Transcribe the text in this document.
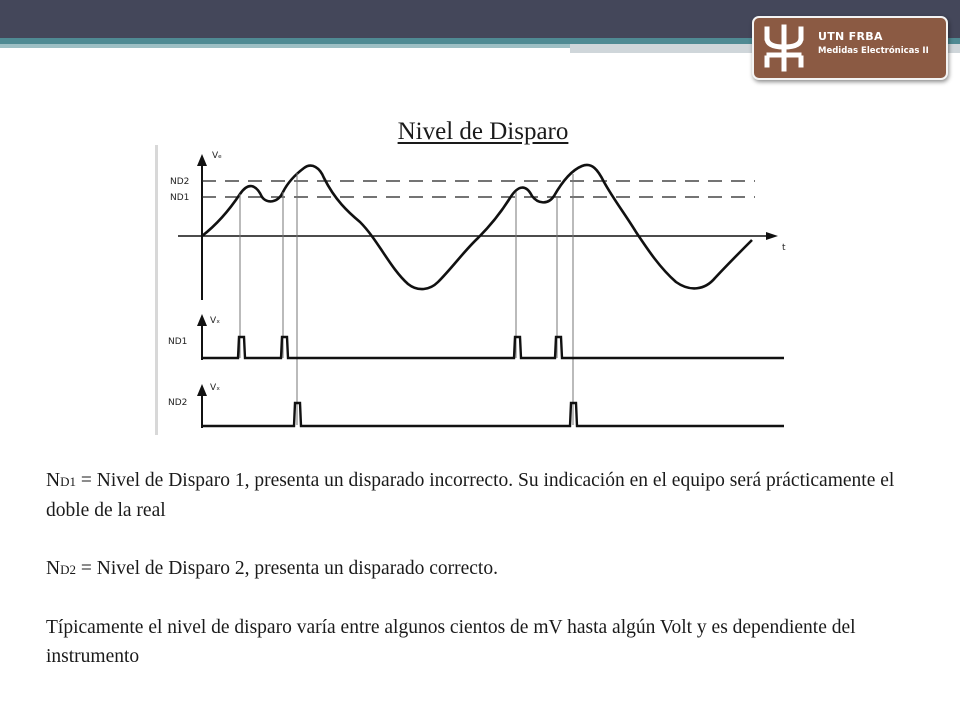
UTN FRBA
Medidas Electrónicas II
Nivel de Disparo
Vₑ
t
ND2
ND1
Vₓ
ND1
Vₓ
ND2

ND1 = Nivel de Disparo 1, presenta un disparado incorrecto. Su indicación en el equipo será prácticamente el doble de la real

ND2 = Nivel de Disparo 2, presenta un disparado correcto.

Típicamente el nivel de disparo varía entre algunos cientos de mV hasta algún Volt y es dependiente del instrumento
